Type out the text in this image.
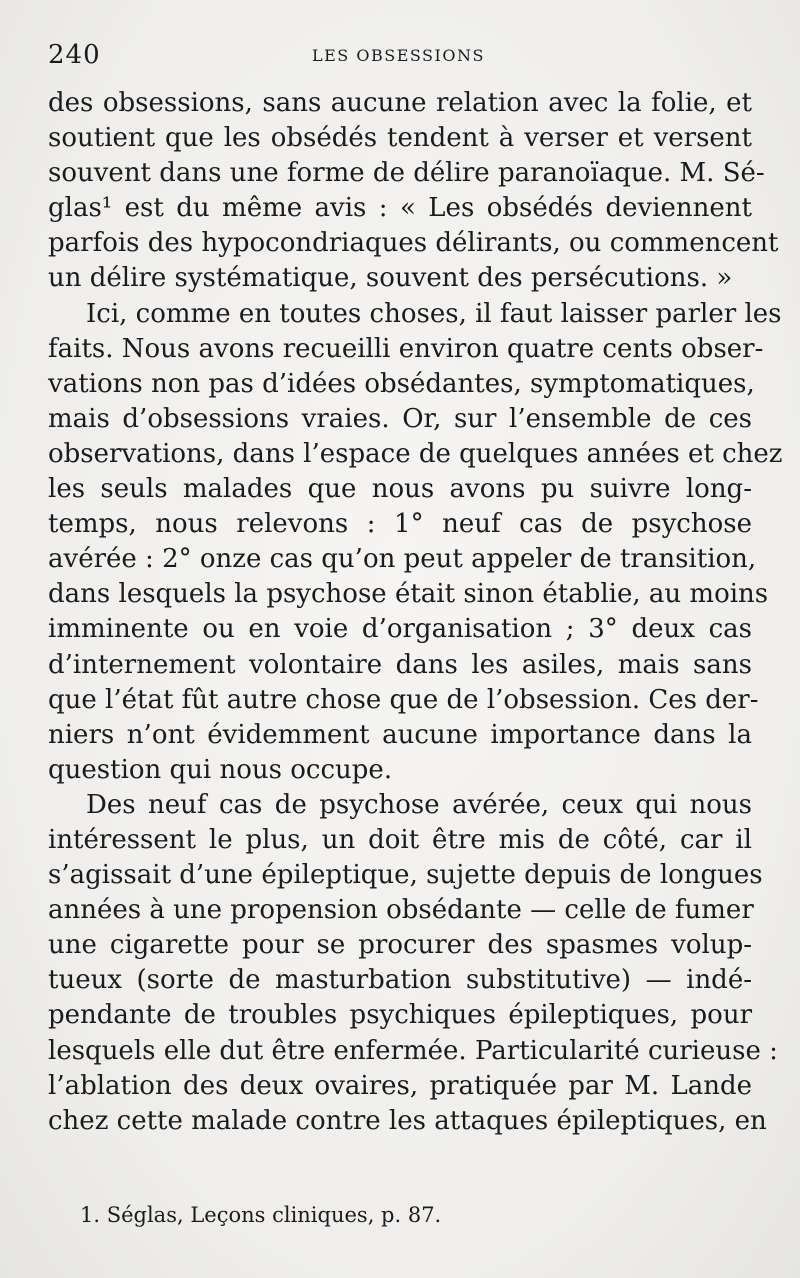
240	LES OBSESSIONS
des obsessions, sans aucune relation avec la folie, et
soutient que les obsédés tendent à verser et versent
souvent dans une forme de délire paranoïaque. M. Sé-
glas¹ est du même avis : « Les obsédés deviennent
parfois des hypocondriaques délirants, ou commencent
un délire systématique, souvent des persécutions. »
Ici, comme en toutes choses, il faut laisser parler les
faits. Nous avons recueilli environ quatre cents obser-
vations non pas d’idées obsédantes, symptomatiques,
mais d’obsessions vraies. Or, sur l’ensemble de ces
observations, dans l’espace de quelques années et chez
les seuls malades que nous avons pu suivre long-
temps, nous relevons : 1° neuf cas de psychose
avérée : 2° onze cas qu’on peut appeler de transition,
dans lesquels la psychose était sinon établie, au moins
imminente ou en voie d’organisation ; 3° deux cas
d’internement volontaire dans les asiles, mais sans
que l’état fût autre chose que de l’obsession. Ces der-
niers n’ont évidemment aucune importance dans la
question qui nous occupe.
Des neuf cas de psychose avérée, ceux qui nous
intéressent le plus, un doit être mis de côté, car il
s’agissait d’une épileptique, sujette depuis de longues
années à une propension obsédante — celle de fumer
une cigarette pour se procurer des spasmes volup-
tueux (sorte de masturbation substitutive) — indé-
pendante de troubles psychiques épileptiques, pour
lesquels elle dut être enfermée. Particularité curieuse :
l’ablation des deux ovaires, pratiquée par M. Lande
chez cette malade contre les attaques épileptiques, en
1. Séglas, Leçons cliniques, p. 87.
